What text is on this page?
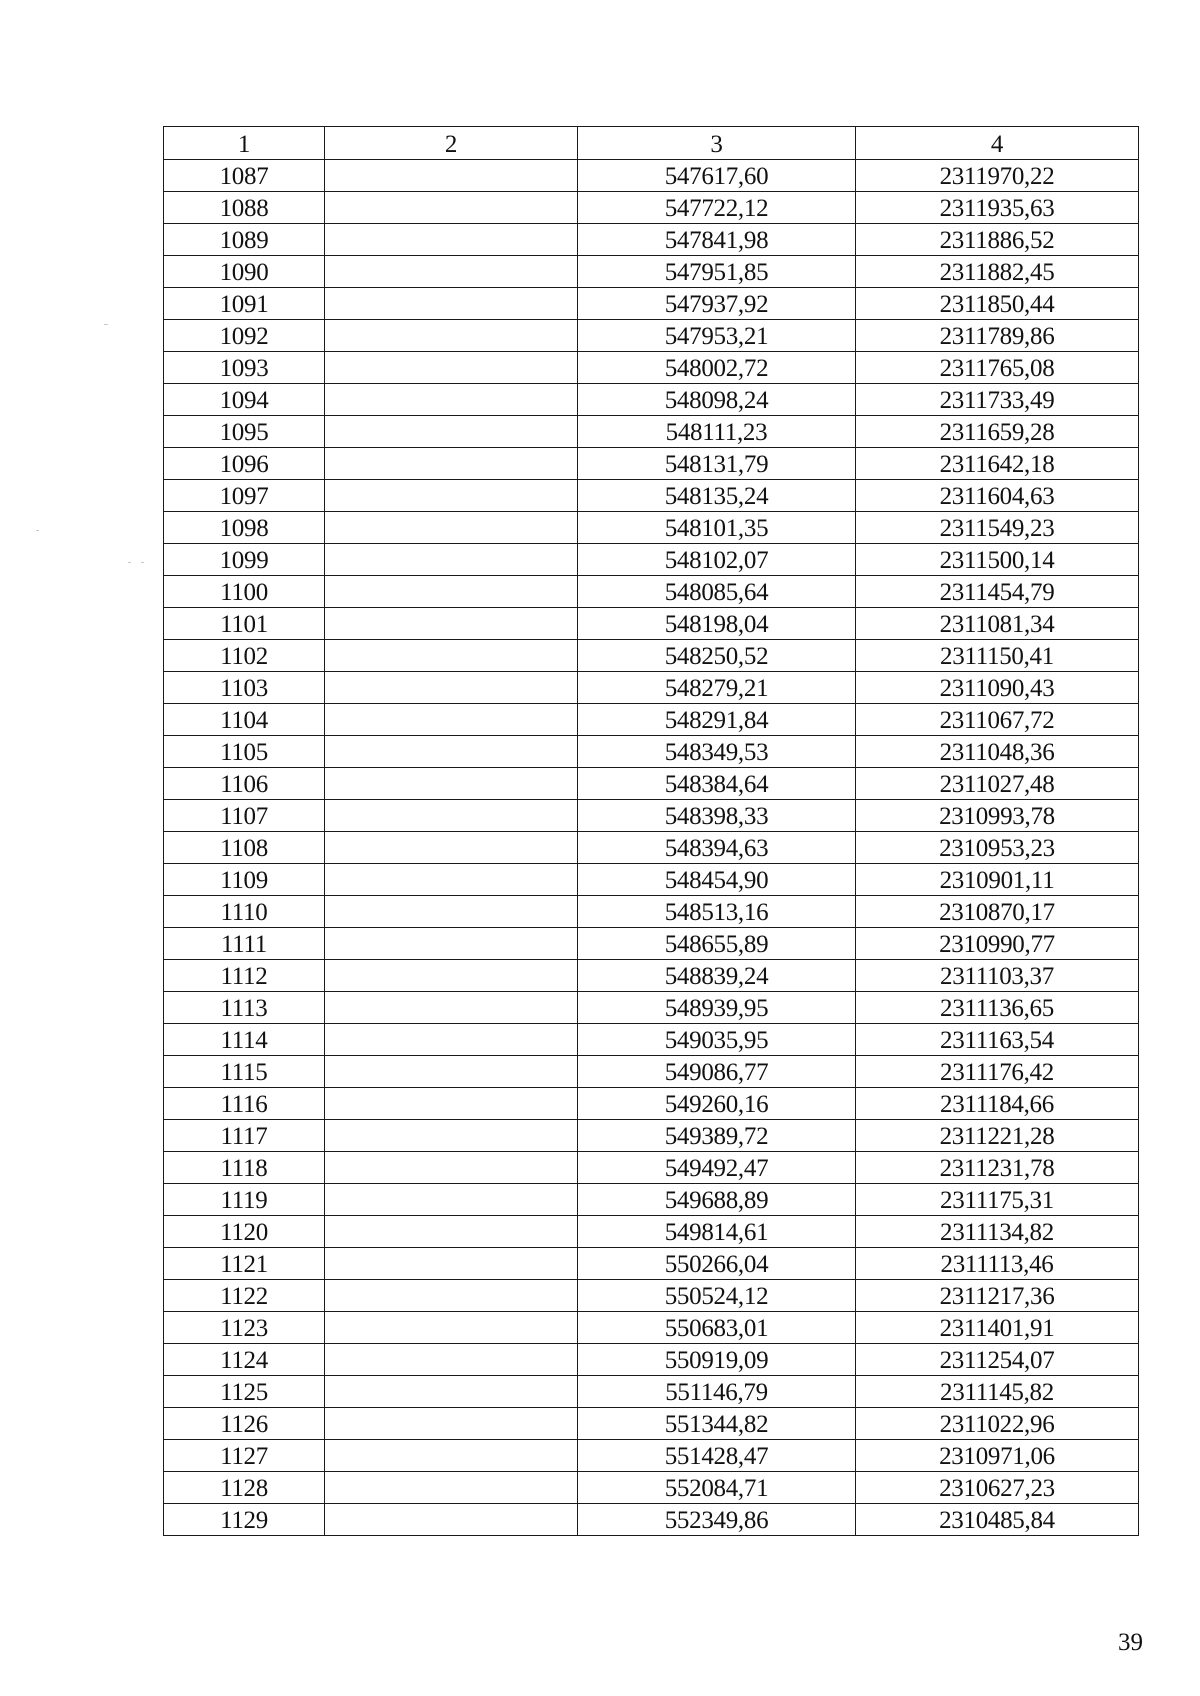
1	2	3	4
1087		547617,60	2311970,22
1088		547722,12	2311935,63
1089		547841,98	2311886,52
1090		547951,85	2311882,45
1091		547937,92	2311850,44
1092		547953,21	2311789,86
1093		548002,72	2311765,08
1094		548098,24	2311733,49
1095		548111,23	2311659,28
1096		548131,79	2311642,18
1097		548135,24	2311604,63
1098		548101,35	2311549,23
1099		548102,07	2311500,14
1100		548085,64	2311454,79
1101		548198,04	2311081,34
1102		548250,52	2311150,41
1103		548279,21	2311090,43
1104		548291,84	2311067,72
1105		548349,53	2311048,36
1106		548384,64	2311027,48
1107		548398,33	2310993,78
1108		548394,63	2310953,23
1109		548454,90	2310901,11
1110		548513,16	2310870,17
1111		548655,89	2310990,77
1112		548839,24	2311103,37
1113		548939,95	2311136,65
1114		549035,95	2311163,54
1115		549086,77	2311176,42
1116		549260,16	2311184,66
1117		549389,72	2311221,28
1118		549492,47	2311231,78
1119		549688,89	2311175,31
1120		549814,61	2311134,82
1121		550266,04	2311113,46
1122		550524,12	2311217,36
1123		550683,01	2311401,91
1124		550919,09	2311254,07
1125		551146,79	2311145,82
1126		551344,82	2311022,96
1127		551428,47	2310971,06
1128		552084,71	2310627,23
1129		552349,86	2310485,84
39
